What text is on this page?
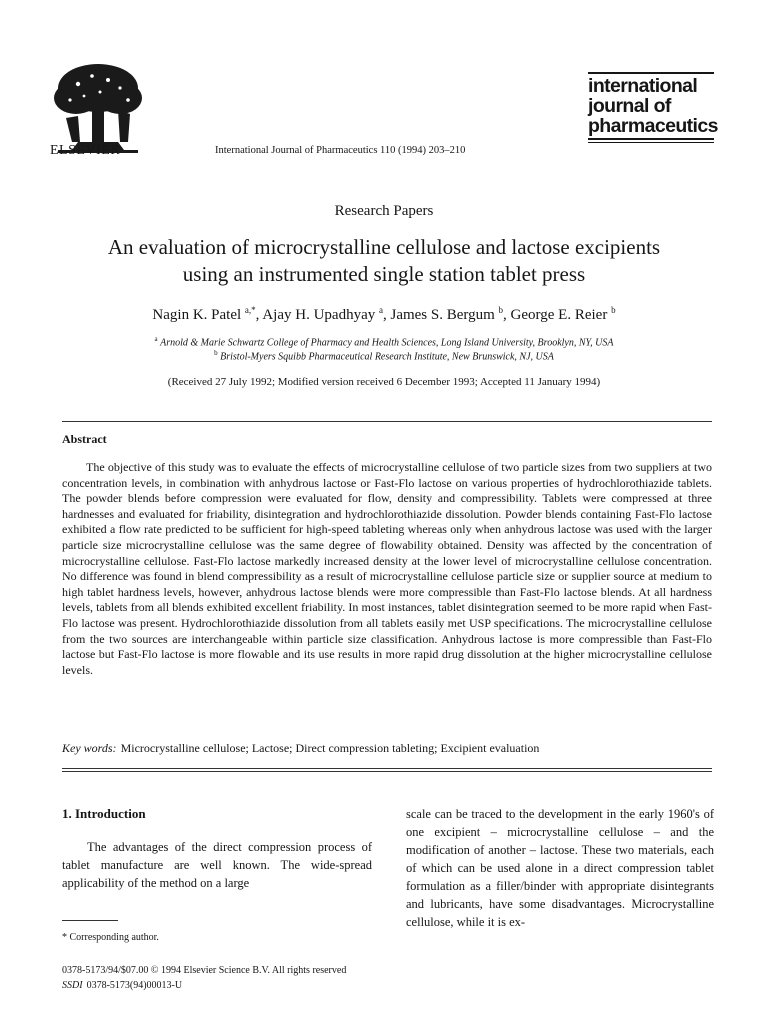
ELSEVIER	International Journal of Pharmaceutics 110 (1994) 203–210
international
journal of
pharmaceutics
Research Papers
An evaluation of microcrystalline cellulose and lactose excipients
using an instrumented single station tablet press
Nagin K. Patel $^{a,*}$, Ajay H. Upadhyay $^a$, James S. Bergum $^b$, George E. Reier $^b$
$^a$ Arnold & Marie Schwartz College of Pharmacy and Health Sciences, Long Island University, Brooklyn, NY, USA
$^b$ Bristol-Myers Squibb Pharmaceutical Research Institute, New Brunswick, NJ, USA
(Received 27 July 1992; Modified version received 6 December 1993; Accepted 11 January 1994)
Abstract

The objective of this study was to evaluate the effects of microcrystalline cellulose of two particle sizes from two suppliers at two concentration levels, in combination with anhydrous lactose or Fast-Flo lactose on various properties of hydrochlorothiazide tablets. The powder blends before compression were evaluated for flow, density and compressibility. Tablets were compressed at three hardnesses and evaluated for friability, disintegration and hydrochlorothiazide dissolution. Powder blends containing Fast-Flo lactose exhibited a flow rate predicted to be sufficient for high-speed tableting whereas only when anhydrous lactose was used with the larger particle size microcrystalline cellulose was the same degree of flowability obtained. Density was affected by the concentration of microcrystalline cellulose. Fast-Flo lactose markedly increased density at the lower level of microcrystalline cellulose concentration. No difference was found in blend compressibility as a result of microcrystalline cellulose particle size or supplier source at medium to high tablet hardness levels, however, anhydrous lactose blends were more compressible than Fast-Flo lactose blends. At all hardness levels, tablets from all blends exhibited excellent friability. In most instances, tablet disintegration seemed to be more rapid when Fast-Flo lactose was present. Hydrochlorothiazide dissolution from all tablets easily met USP specifications. The microcrystalline cellulose from the two sources are interchangeable within particle size classification. Anhydrous lactose is more compressible than Fast-Flo lactose but Fast-Flo lactose is more flowable and its use results in more rapid drug dissolution at the higher microcrystalline cellulose levels.

Key words: Microcrystalline cellulose; Lactose; Direct compression tableting; Excipient evaluation
1. Introduction

The advantages of the direct compression process of tablet manufacture are well known. The wide-spread applicability of the method on a large

scale can be traced to the development in the early 1960's of one excipient – microcrystalline cellulose – and the modification of another – lactose. These two materials, each of which can be used alone in a direct compression tablet formulation as a filler/binder with appropriate disintegrants and lubricants, have some disadvantages. Microcrystalline cellulose, while it is ex-

* Corresponding author.
0378-5173/94/$07.00 © 1994 Elsevier Science B.V. All rights reserved
SSDI 0378-5173(94)00013-U
